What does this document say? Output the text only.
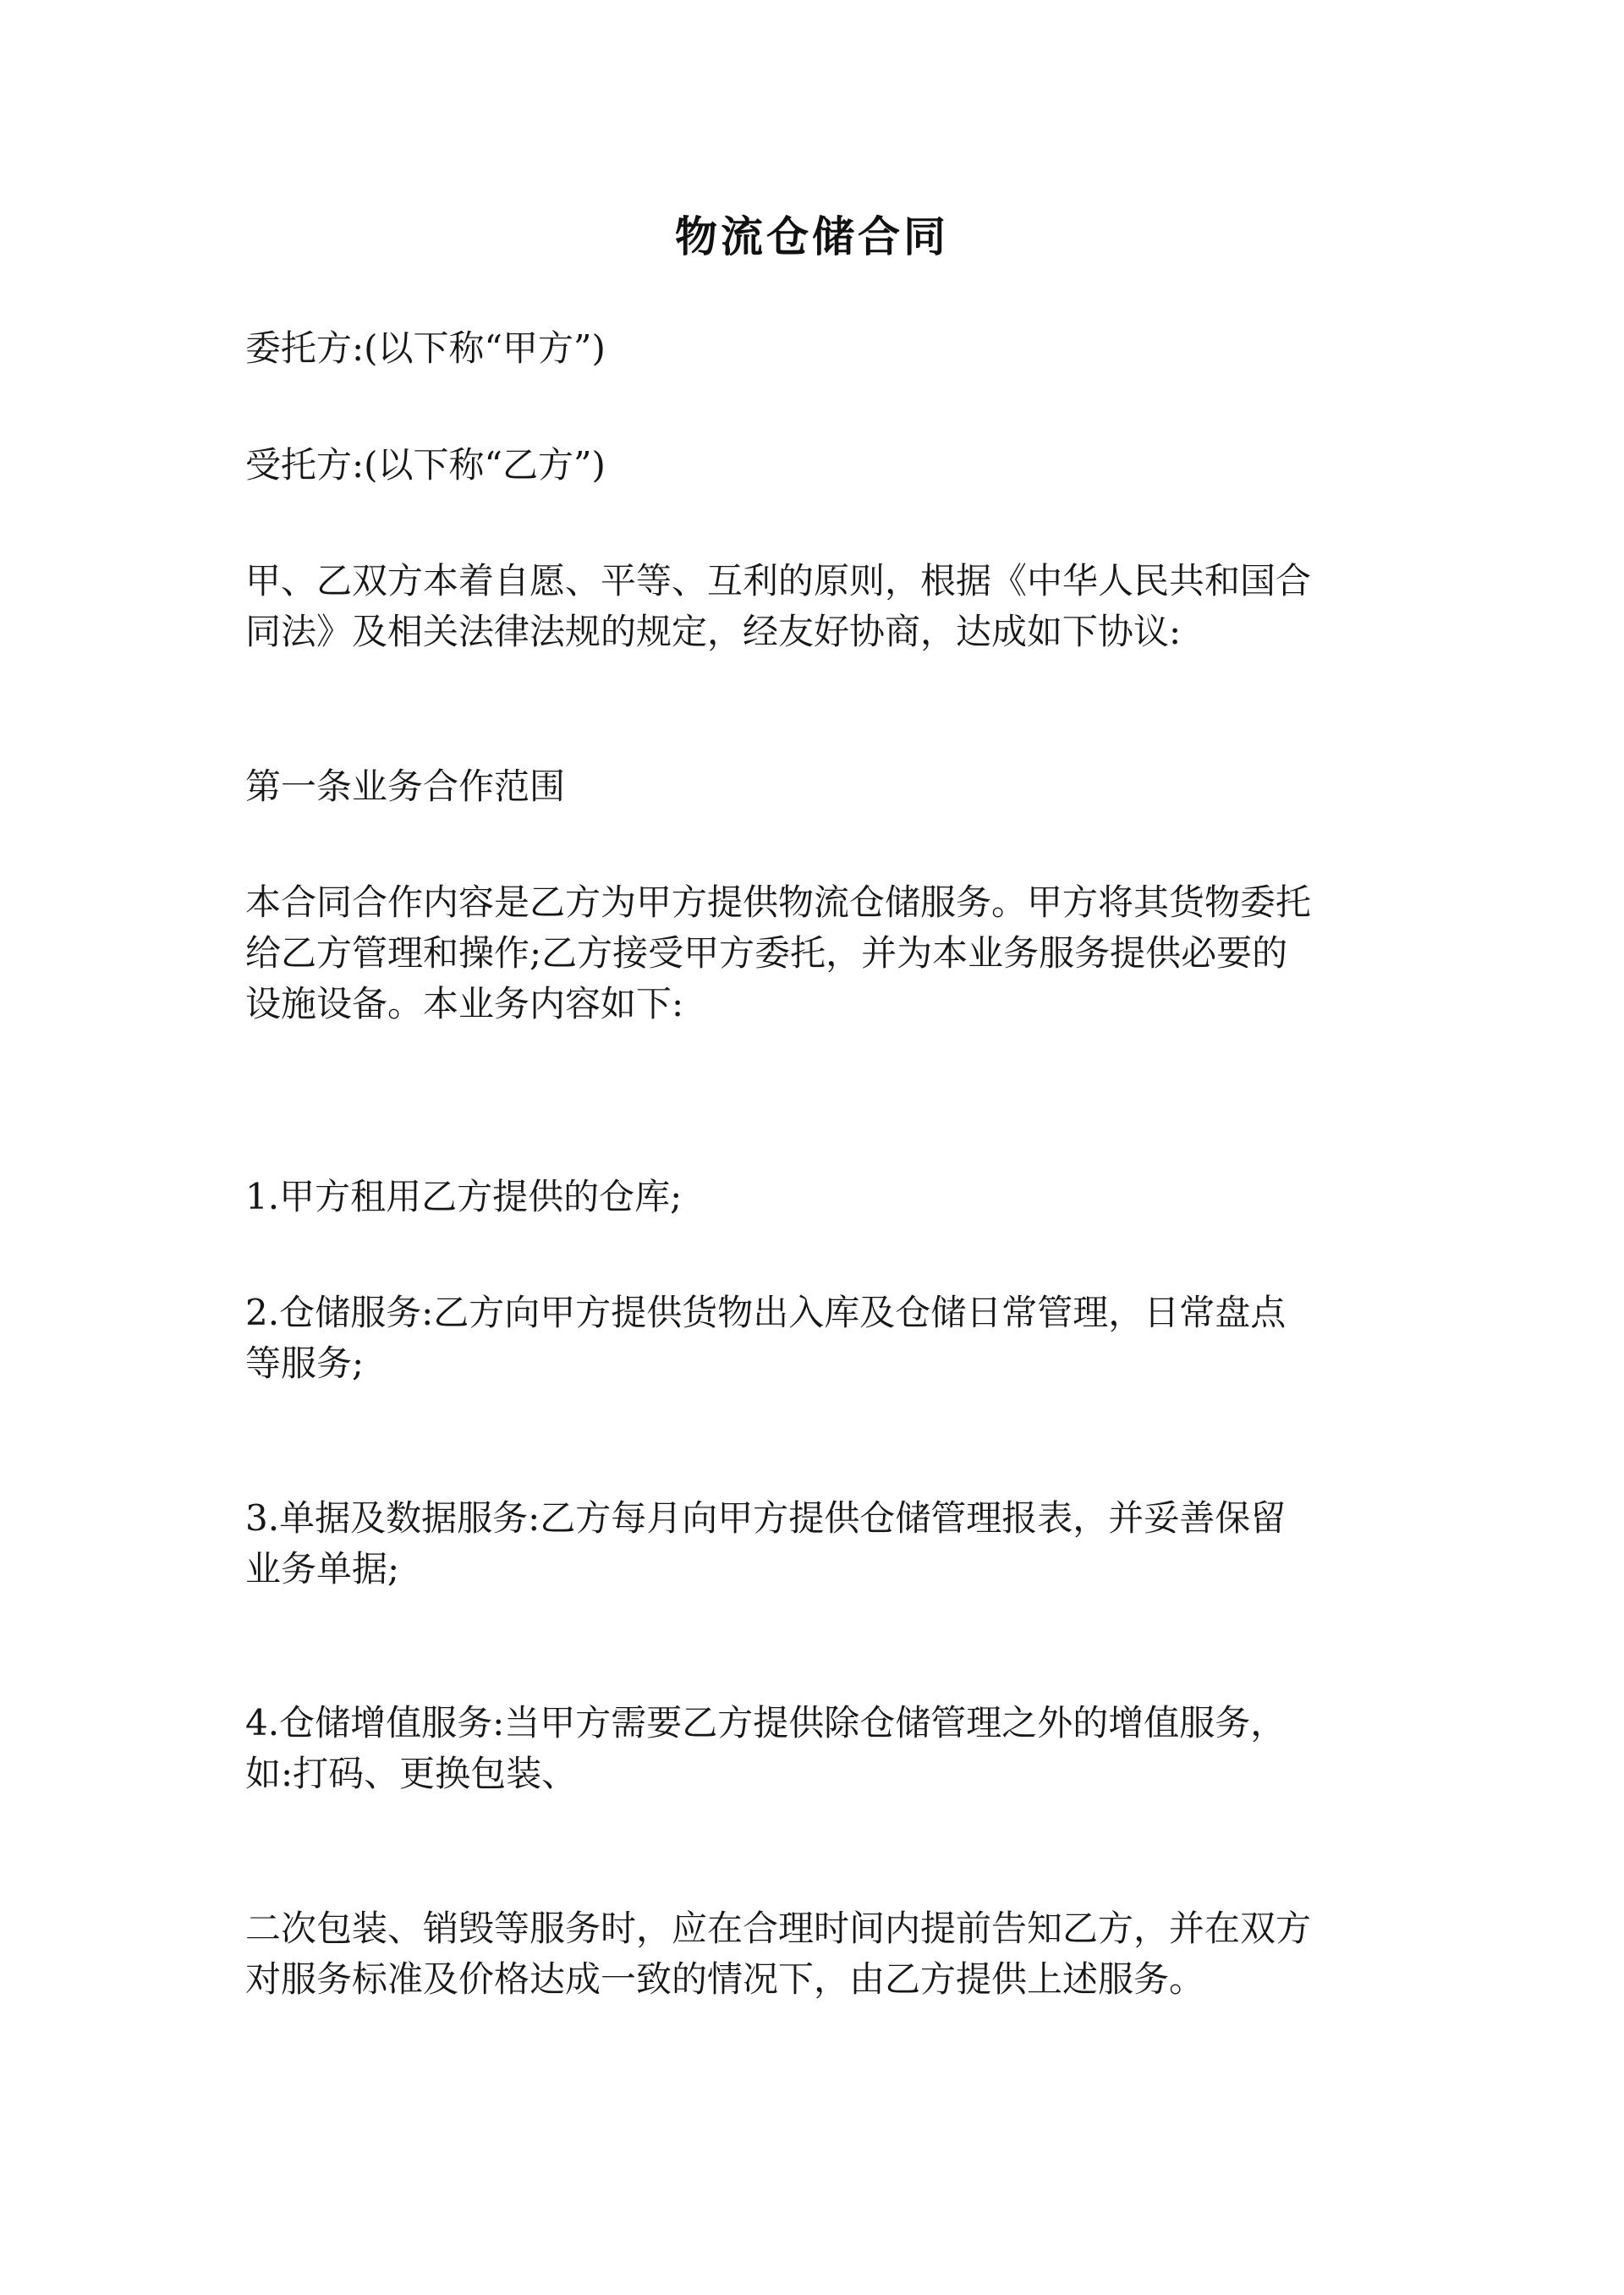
物流仓储合同
委托方:(以下称“甲方”)
受托方:(以下称“乙方”)
甲、乙双方本着自愿、平等、互利的原则，根据《中华人民共和国合
同法》及相关法律法规的规定，经友好协商，达成如下协议:
第一条业务合作范围
本合同合作内容是乙方为甲方提供物流仓储服务。甲方将其货物委托
给乙方管理和操作;乙方接受甲方委托，并为本业务服务提供必要的
设施设备。本业务内容如下:
1.甲方租用乙方提供的仓库;
2.仓储服务:乙方向甲方提供货物出入库及仓储日常管理，日常盘点
等服务;
3.单据及数据服务:乙方每月向甲方提供仓储管理报表，并妥善保留
业务单据;
4.仓储增值服务:当甲方需要乙方提供除仓储管理之外的增值服务，
如:打码、更换包装、
二次包装、销毁等服务时，应在合理时间内提前告知乙方，并在双方
对服务标准及价格达成一致的情况下，由乙方提供上述服务。
